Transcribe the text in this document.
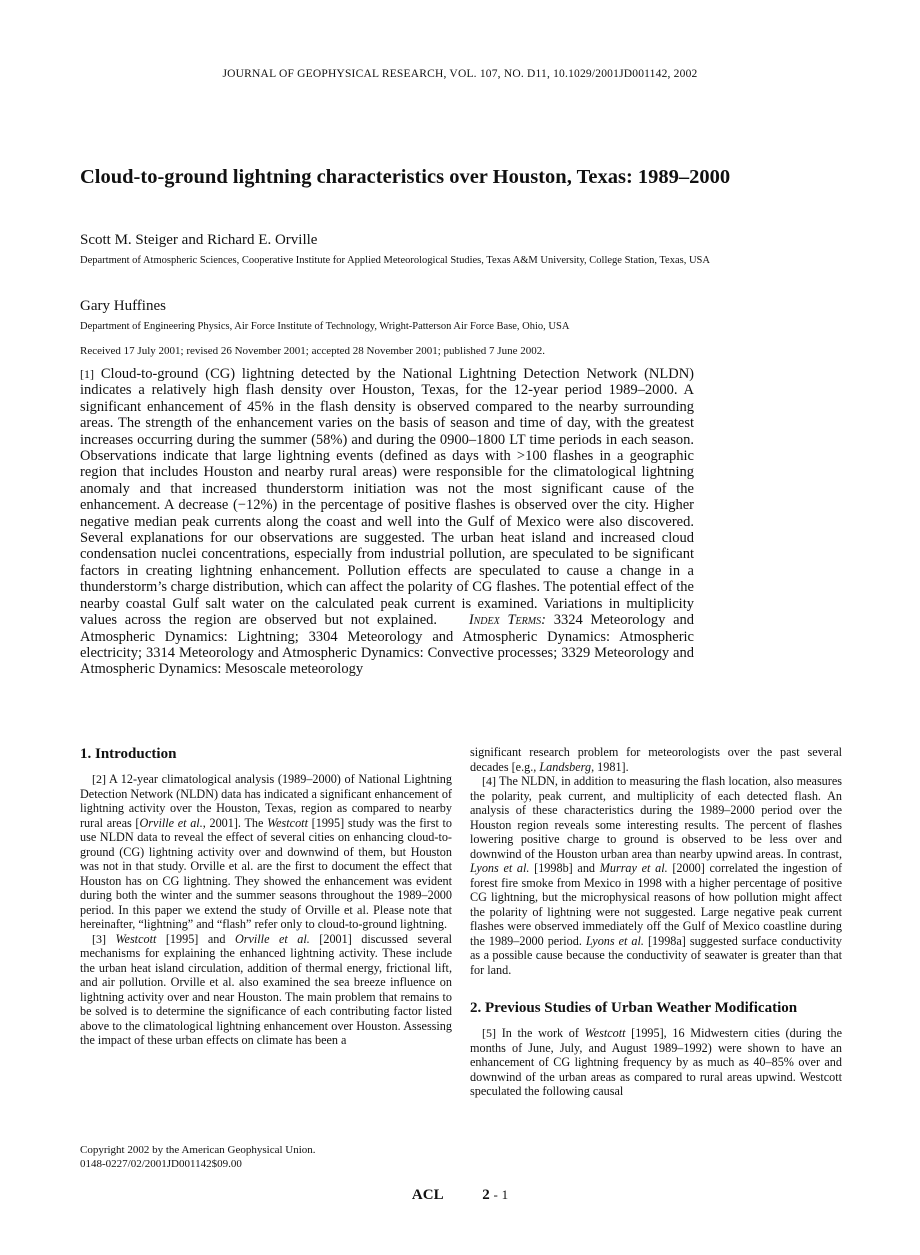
JOURNAL OF GEOPHYSICAL RESEARCH, VOL. 107, NO. D11, 10.1029/2001JD001142, 2002
Cloud-to-ground lightning characteristics over Houston, Texas: 1989–2000
Scott M. Steiger and Richard E. Orville
Department of Atmospheric Sciences, Cooperative Institute for Applied Meteorological Studies, Texas A&M University, College Station, Texas, USA
Gary Huffines
Department of Engineering Physics, Air Force Institute of Technology, Wright-Patterson Air Force Base, Ohio, USA
Received 17 July 2001; revised 26 November 2001; accepted 28 November 2001; published 7 June 2002.

[1] Cloud-to-ground (CG) lightning detected by the National Lightning Detection Network (NLDN) indicates a relatively high flash density over Houston, Texas, for the 12-year period 1989–2000. A significant enhancement of 45% in the flash density is observed compared to the nearby surrounding areas. The strength of the enhancement varies on the basis of season and time of day, with the greatest increases occurring during the summer (58%) and during the 0900–1800 LT time periods in each season. Observations indicate that large lightning events (defined as days with >100 flashes in a geographic region that includes Houston and nearby rural areas) were responsible for the climatological lightning anomaly and that increased thunderstorm initiation was not the most significant cause of the enhancement. A decrease (−12%) in the percentage of positive flashes is observed over the city. Higher negative median peak currents along the coast and well into the Gulf of Mexico were also discovered. Several explanations for our observations are suggested. The urban heat island and increased cloud condensation nuclei concentrations, especially from industrial pollution, are speculated to be significant factors in creating lightning enhancement. Pollution effects are speculated to cause a change in a thunderstorm’s charge distribution, which can affect the polarity of CG flashes. The potential effect of the nearby coastal Gulf salt water on the calculated peak current is examined. Variations in multiplicity values across the region are observed but not explained. Index Terms: 3324 Meteorology and Atmospheric Dynamics: Lightning; 3304 Meteorology and Atmospheric Dynamics: Atmospheric electricity; 3314 Meteorology and Atmospheric Dynamics: Convective processes; 3329 Meteorology and Atmospheric Dynamics: Mesoscale meteorology

1. Introduction

[2] A 12-year climatological analysis (1989–2000) of National Lightning Detection Network (NLDN) data has indicated a significant enhancement of lightning activity over the Houston, Texas, region as compared to nearby rural areas [Orville et al., 2001]. The Westcott [1995] study was the first to use NLDN data to reveal the effect of several cities on enhancing cloud-to-ground (CG) lightning activity over and downwind of them, but Houston was not in that study. Orville et al. are the first to document the effect that Houston has on CG lightning. They showed the enhancement was evident during both the winter and the summer seasons throughout the 1989–2000 period. In this paper we extend the study of Orville et al. Please note that hereinafter, “lightning” and “flash” refer only to cloud-to-ground lightning.

[3] Westcott [1995] and Orville et al. [2001] discussed several mechanisms for explaining the enhanced lightning activity. These include the urban heat island circulation, addition of thermal energy, frictional lift, and air pollution. Orville et al. also examined the sea breeze influence on lightning activity over and near Houston. The main problem that remains to be solved is to determine the significance of each contributing factor listed above to the climatological lightning enhancement over Houston. Assessing the impact of these urban effects on climate has been a

significant research problem for meteorologists over the past several decades [e.g., Landsberg, 1981].

[4] The NLDN, in addition to measuring the flash location, also measures the polarity, peak current, and multiplicity of each detected flash. An analysis of these characteristics during the 1989–2000 period over the Houston region reveals some interesting results. The percent of flashes lowering positive charge to ground is observed to be less over and downwind of the Houston urban area than nearby upwind areas. In contrast, Lyons et al. [1998b] and Murray et al. [2000] correlated the ingestion of forest fire smoke from Mexico in 1998 with a higher percentage of positive CG lightning, but the microphysical reasons of how pollution might affect the polarity of lightning were not suggested. Large negative peak current flashes were observed immediately off the Gulf of Mexico coastline during the 1989–2000 period. Lyons et al. [1998a] suggested surface conductivity as a possible cause because the conductivity of seawater is greater than that for land.

2. Previous Studies of Urban Weather Modification

[5] In the work of Westcott [1995], 16 Midwestern cities (during the months of June, July, and August 1989–1992) were shown to have an enhancement of CG lightning frequency by as much as 40–85% over and downwind of the urban areas as compared to rural areas upwind. Westcott speculated the following causal

Copyright 2002 by the American Geophysical Union.
0148-0227/02/2001JD001142$09.00
ACL	2 - 1
